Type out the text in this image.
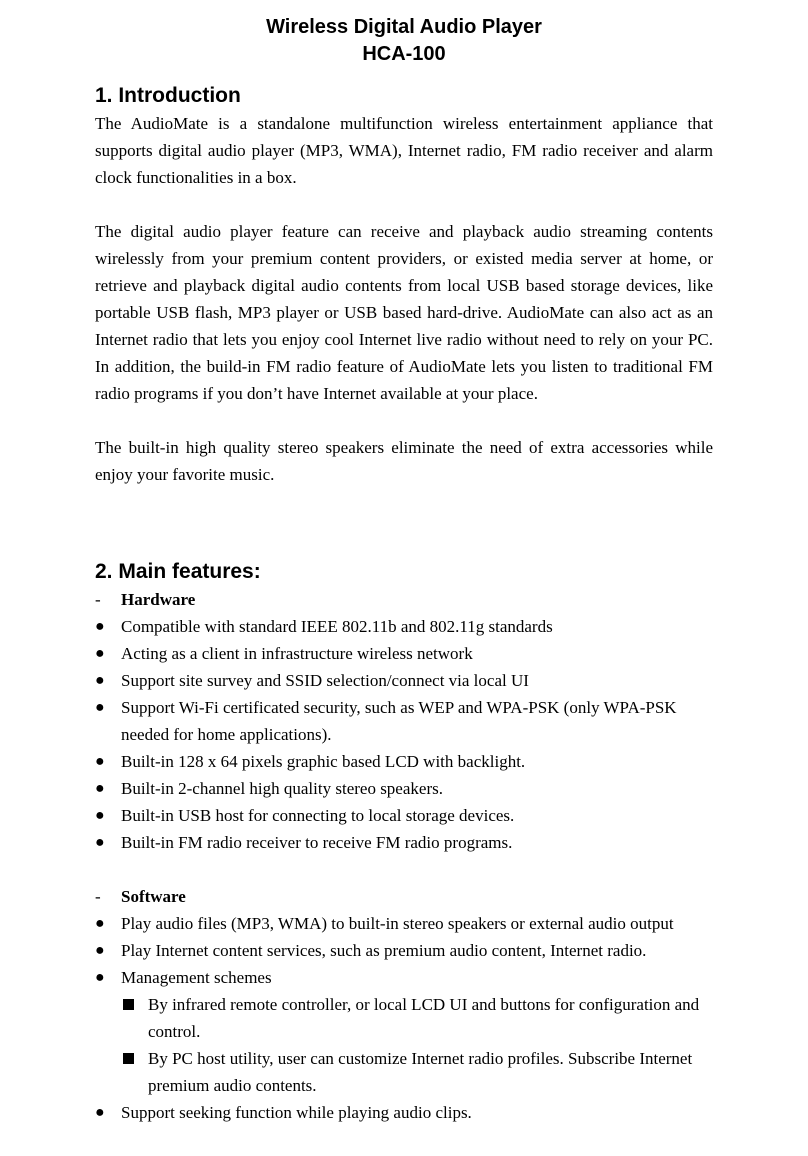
Wireless Digital Audio Player

HCA-100

1. Introduction

The AudioMate is a standalone multifunction wireless entertainment appliance that supports digital audio player (MP3, WMA), Internet radio, FM radio receiver and alarm clock functionalities in a box.

The digital audio player feature can receive and playback audio streaming contents wirelessly from your premium content providers, or existed media server at home, or retrieve and playback digital audio contents from local USB based storage devices, like portable USB flash, MP3 player or USB based hard-drive. AudioMate can also act as an Internet radio that lets you enjoy cool Internet live radio without need to rely on your PC. In addition, the build-in FM radio feature of AudioMate lets you listen to traditional FM radio programs if you don’t have Internet available at your place.

The built-in high quality stereo speakers eliminate the need of extra accessories while enjoy your favorite music.

2. Main features:

- Hardware

● Compatible with standard IEEE 802.11b and 802.11g standards
● Acting as a client in infrastructure wireless network
● Support site survey and SSID selection/connect via local UI
● Support Wi-Fi certificated security, such as WEP and WPA-PSK (only WPA-PSK needed for home applications).
● Built-in 128 x 64 pixels graphic based LCD with backlight.
● Built-in 2-channel high quality stereo speakers.
● Built-in USB host for connecting to local storage devices.
● Built-in FM radio receiver to receive FM radio programs.

- Software

● Play audio files (MP3, WMA) to built-in stereo speakers or external audio output
● Play Internet content services, such as premium audio content, Internet radio.
● Management schemes
By infrared remote controller, or local LCD UI and buttons for configuration and control.
By PC host utility, user can customize Internet radio profiles. Subscribe Internet premium audio contents.
● Support seeking function while playing audio clips.
